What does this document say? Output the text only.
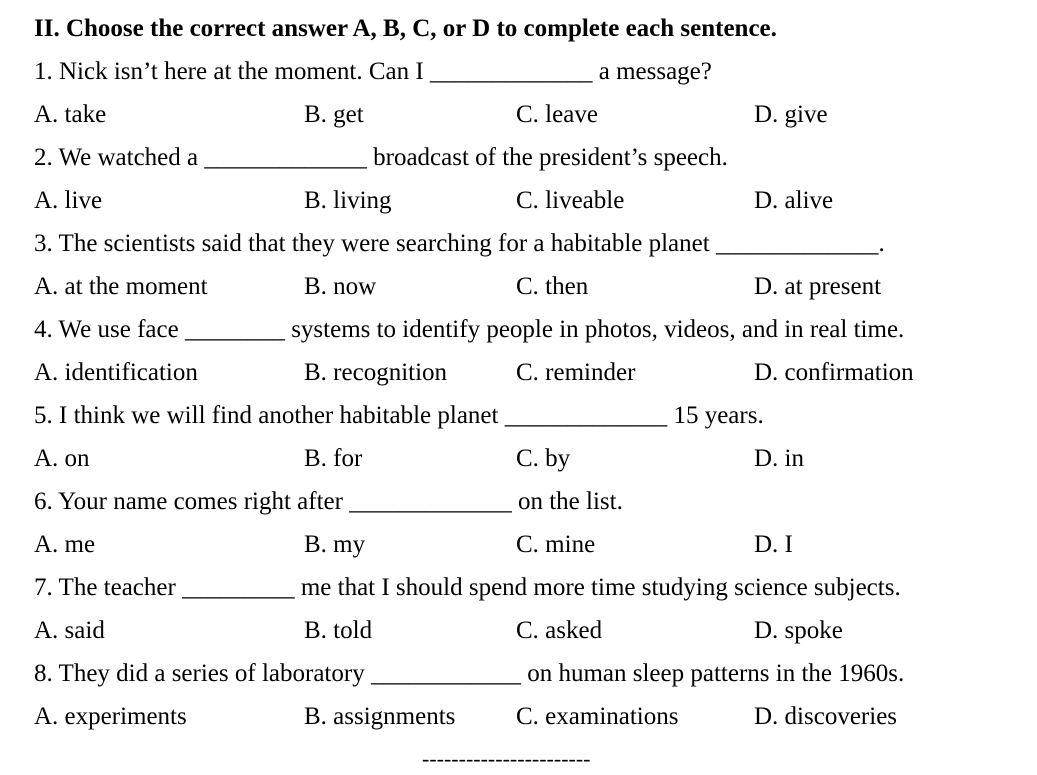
II. Choose the correct answer A, B, C, or D to complete each sentence.
1. Nick isn’t here at the moment. Can I _____________ a message?
A. take	B. get	C. leave	D. give
2. We watched a _____________ broadcast of the president’s speech.
A. live	B. living	C. liveable	D. alive
3. The scientists said that they were searching for a habitable planet _____________.
A. at the moment	B. now	C. then	D. at present
4. We use face ________ systems to identify people in photos, videos, and in real time.
A. identification	B. recognition	C. reminder	D. confirmation
5. I think we will find another habitable planet _____________ 15 years.
A. on	B. for	C. by	D. in
6. Your name comes right after _____________ on the list.
A. me	B. my	C. mine	D. I
7. The teacher _________ me that I should spend more time studying science subjects.
A. said	B. told	C. asked	D. spoke
8. They did a series of laboratory ____________ on human sleep patterns in the 1960s.
A. experiments	B. assignments C. examinations	D. discoveries
-----------------------
